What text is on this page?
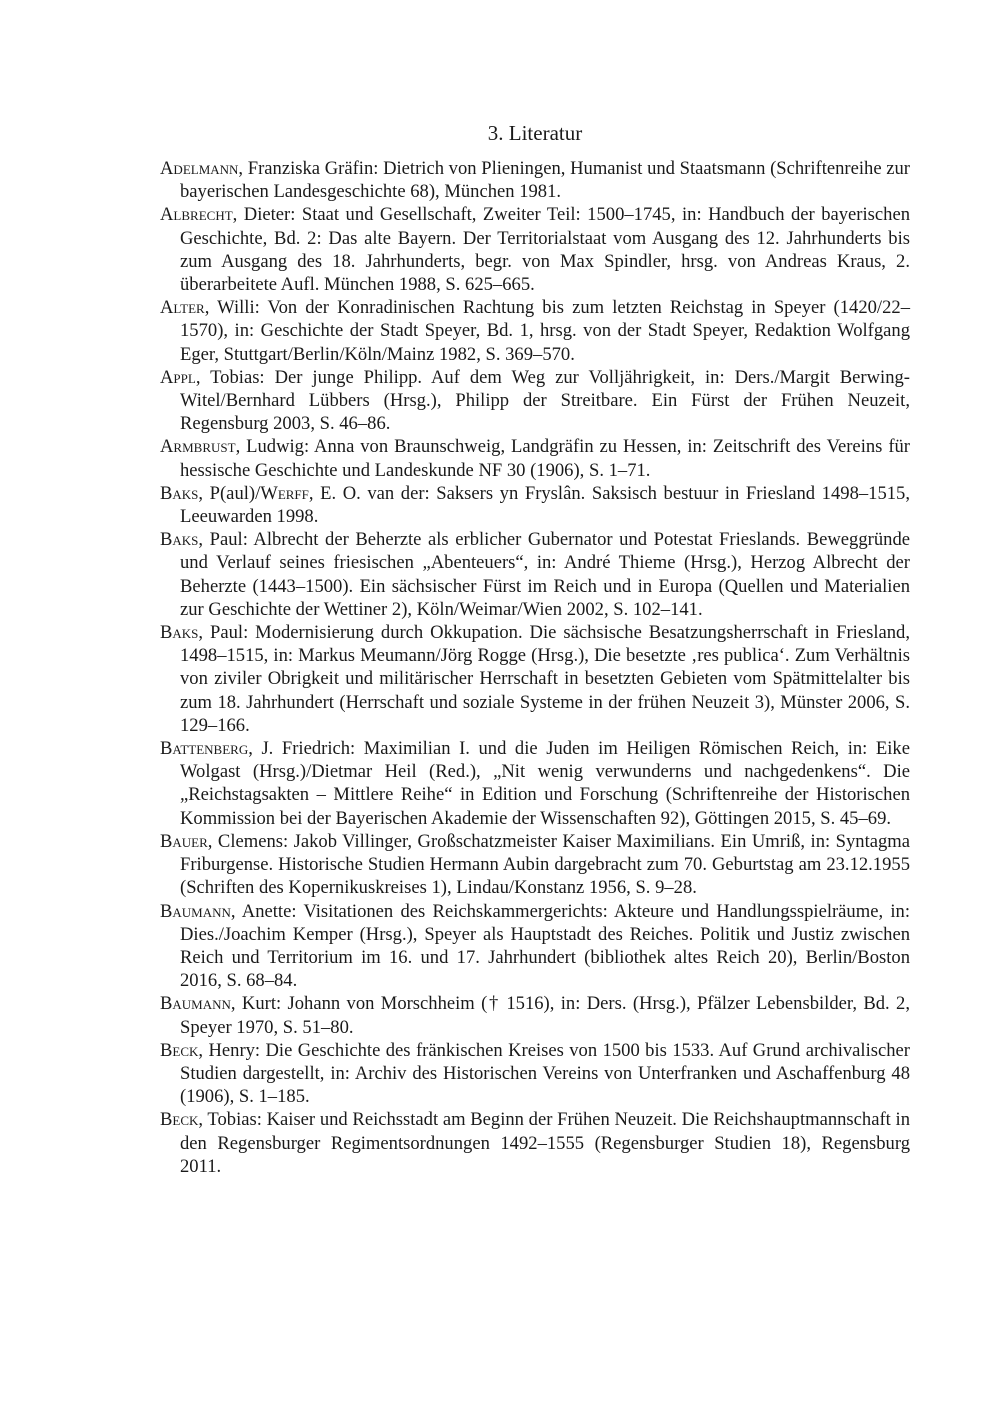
3. Literatur
Adelmann, Franziska Gräfin: Dietrich von Plieningen, Humanist und Staatsmann (Schriftenreihe zur bayerischen Landesgeschichte 68), München 1981.
Albrecht, Dieter: Staat und Gesellschaft, Zweiter Teil: 1500–1745, in: Handbuch der bayerischen Geschichte, Bd. 2: Das alte Bayern. Der Territorialstaat vom Ausgang des 12. Jahrhunderts bis zum Ausgang des 18. Jahrhunderts, begr. von Max Spindler, hrsg. von Andreas Kraus, 2. überarbeitete Aufl. München 1988, S. 625–665.
Alter, Willi: Von der Konradinischen Rachtung bis zum letzten Reichstag in Speyer (1420/22–1570), in: Geschichte der Stadt Speyer, Bd. 1, hrsg. von der Stadt Speyer, Redaktion Wolfgang Eger, Stuttgart/Berlin/Köln/Mainz 1982, S. 369–570.
Appl, Tobias: Der junge Philipp. Auf dem Weg zur Volljährigkeit, in: Ders./Margit Berwing-Witel/Bernhard Lübbers (Hrsg.), Philipp der Streitbare. Ein Fürst der Frühen Neuzeit, Regensburg 2003, S. 46–86.
Armbrust, Ludwig: Anna von Braunschweig, Landgräfin zu Hessen, in: Zeitschrift des Vereins für hessische Geschichte und Landeskunde NF 30 (1906), S. 1–71.
Baks, P(aul)/Werff, E. O. van der: Saksers yn Fryslân. Saksisch bestuur in Friesland 1498–1515, Leeuwarden 1998.
Baks, Paul: Albrecht der Beherzte als erblicher Gubernator und Potestat Frieslands. Beweggründe und Verlauf seines friesischen „Abenteuers“, in: André Thieme (Hrsg.), Herzog Albrecht der Beherzte (1443–1500). Ein sächsischer Fürst im Reich und in Europa (Quellen und Materialien zur Geschichte der Wettiner 2), Köln/Weimar/​Wien 2002, S. 102–141.
Baks, Paul: Modernisierung durch Okkupation. Die sächsische Besatzungsherrschaft in Friesland, 1498–1515, in: Markus Meumann/Jörg Rogge (Hrsg.), Die besetzte ‚res publica‘. Zum Verhältnis von ziviler Obrigkeit und militärischer Herrschaft in besetzten Gebieten vom Spätmittelalter bis zum 18. Jahrhundert (Herrschaft und soziale Systeme in der frühen Neuzeit 3), Münster 2006, S. 129–166.
Battenberg, J. Friedrich: Maximilian I. und die Juden im Heiligen Römischen Reich, in: Eike Wolgast (Hrsg.)/Dietmar Heil (Red.), „Nit wenig verwunderns und nachgedenkens“. Die „Reichstagsakten – Mittlere Reihe“ in Edition und Forschung (Schriftenreihe der Historischen Kommission bei der Bayerischen Akademie der Wissenschaften 92), Göttingen 2015, S. 45–69.
Bauer, Clemens: Jakob Villinger, Großschatzmeister Kaiser Maximilians. Ein Umriß, in: Syntagma Friburgense. Historische Studien Hermann Aubin dargebracht zum 70. Geburtstag am 23.12.1955 (Schriften des Kopernikuskreises 1), Lindau/Konstanz 1956, S. 9–28.
Baumann, Anette: Visitationen des Reichskammergerichts: Akteure und Handlungsspielräume, in: Dies./Joachim Kemper (Hrsg.), Speyer als Hauptstadt des Reiches. Politik und Justiz zwischen Reich und Territorium im 16. und 17. Jahrhundert (bibliothek altes Reich 20), Berlin/Boston 2016, S. 68–84.
Baumann, Kurt: Johann von Morschheim († 1516), in: Ders. (Hrsg.), Pfälzer Lebensbilder, Bd. 2, Speyer 1970, S. 51–80.
Beck, Henry: Die Geschichte des fränkischen Kreises von 1500 bis 1533. Auf Grund archivalischer Studien dargestellt, in: Archiv des Historischen Vereins von Unterfranken und Aschaffenburg 48 (1906), S. 1–185.
Beck, Tobias: Kaiser und Reichsstadt am Beginn der Frühen Neuzeit. Die Reichshauptmannschaft in den Regensburger Regimentsordnungen 1492–1555 (Regensburger Studien 18), Regensburg 2011.
